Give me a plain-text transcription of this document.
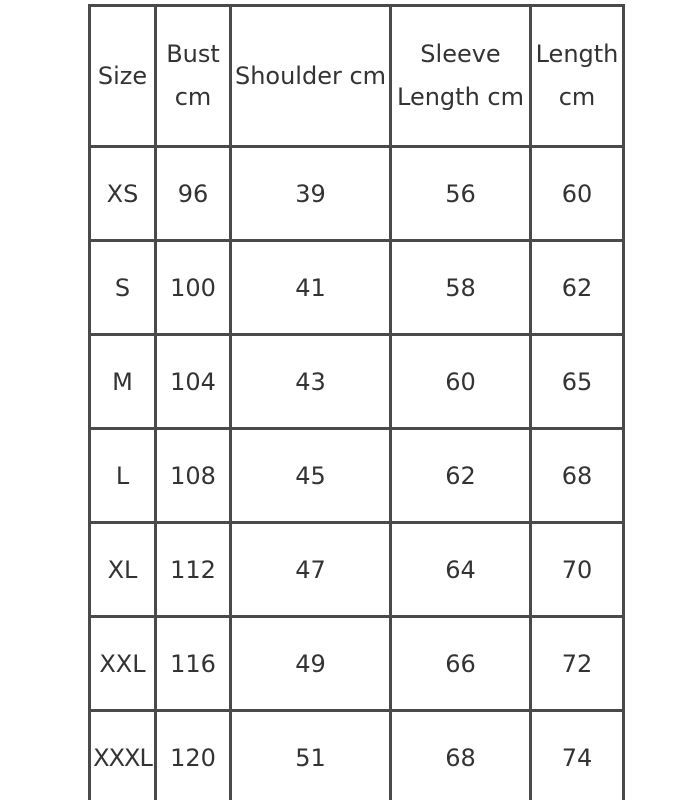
Size	Bust cm	Shoulder cm	Sleeve Length cm	Length cm
XS	96	39	56	60
S	100	41	58	62
M	104	43	60	65
L	108	45	62	68
XL	112	47	64	70
XXL	116	49	66	72
XXXL	120	51	68	74
